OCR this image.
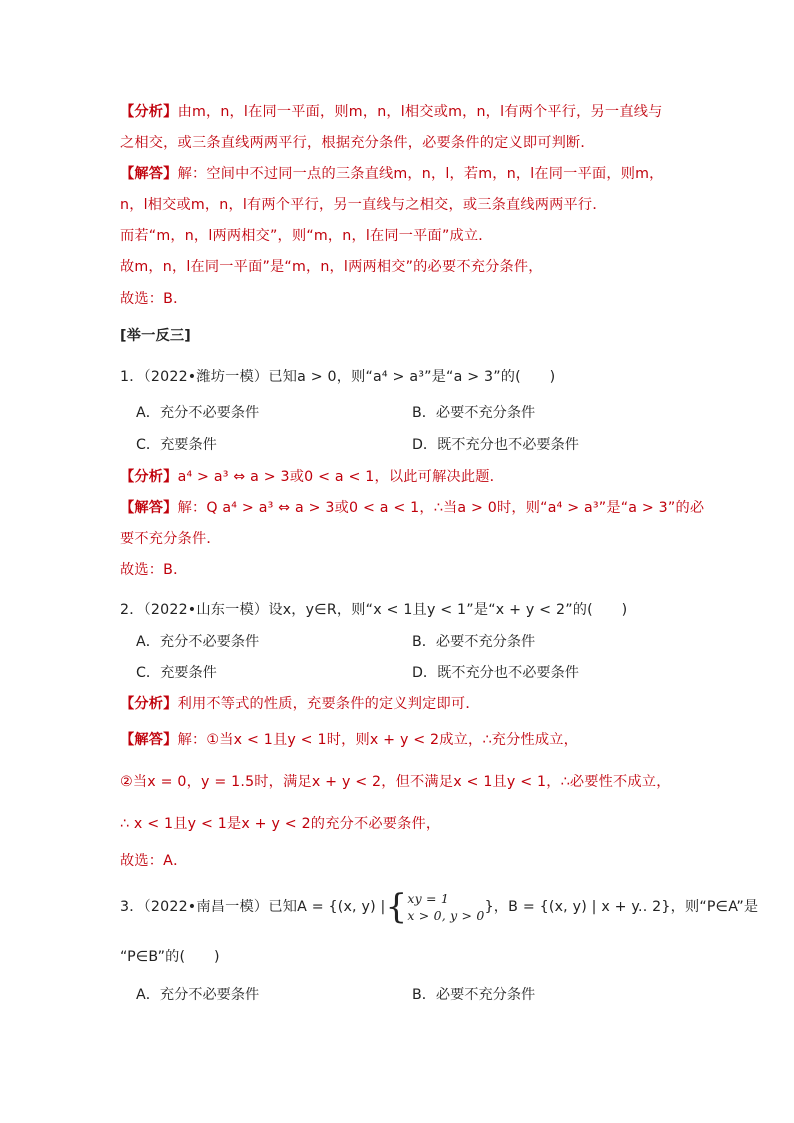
【分析】由m，n，l在同一平面，则m，n，l相交或m，n，l有两个平行，另一直线与
之相交，或三条直线两两平行，根据充分条件，必要条件的定义即可判断．
【解答】解：空间中不过同一点的三条直线m，n，l，若m，n，l在同一平面，则m，
n，l相交或m，n，l有两个平行，另一直线与之相交，或三条直线两两平行．
而若“m，n，l两两相交”，则“m，n，l在同一平面”成立．
故m，n，l在同一平面”是“m，n，l两两相交”的必要不充分条件，
故选：B．
[举一反三]
1．（2022•潍坊一模）已知a > 0，则“a⁴ > a³”是“a > 3”的(　　)
A．充分不必要条件	B．必要不充分条件
C．充要条件	D．既不充分也不必要条件
【分析】a⁴ > a³ ⇔ a > 3或0 < a < 1，以此可解决此题．
【解答】解：Q a⁴ > a³ ⇔ a > 3或0 < a < 1，∴当a > 0时，则“a⁴ > a³”是“a > 3”的必
要不充分条件．
故选：B．
2．（2022•山东一模）设x，y∈R，则“x < 1且y < 1”是“x + y < 2”的(　　)
A．充分不必要条件	B．必要不充分条件
C．充要条件	D．既不充分也不必要条件
【分析】利用不等式的性质，充要条件的定义判定即可．
【解答】解：①当x < 1且y < 1时，则x + y < 2成立，∴充分性成立，
②当x = 0，y = 1.5时，满足x + y < 2，但不满足x < 1且y < 1，∴必要性不成立，
∴ x < 1且y < 1是x + y < 2的充分不必要条件，
故选：A．
3．（2022•南昌一模）已知A = {(x, y) |{ xy = 1
x > 0, y > 0
}，B = {(x, y) | x + y.. 2}，则“P∈A”是
“P∈B”的(　　)
A．充分不必要条件	B．必要不充分条件
